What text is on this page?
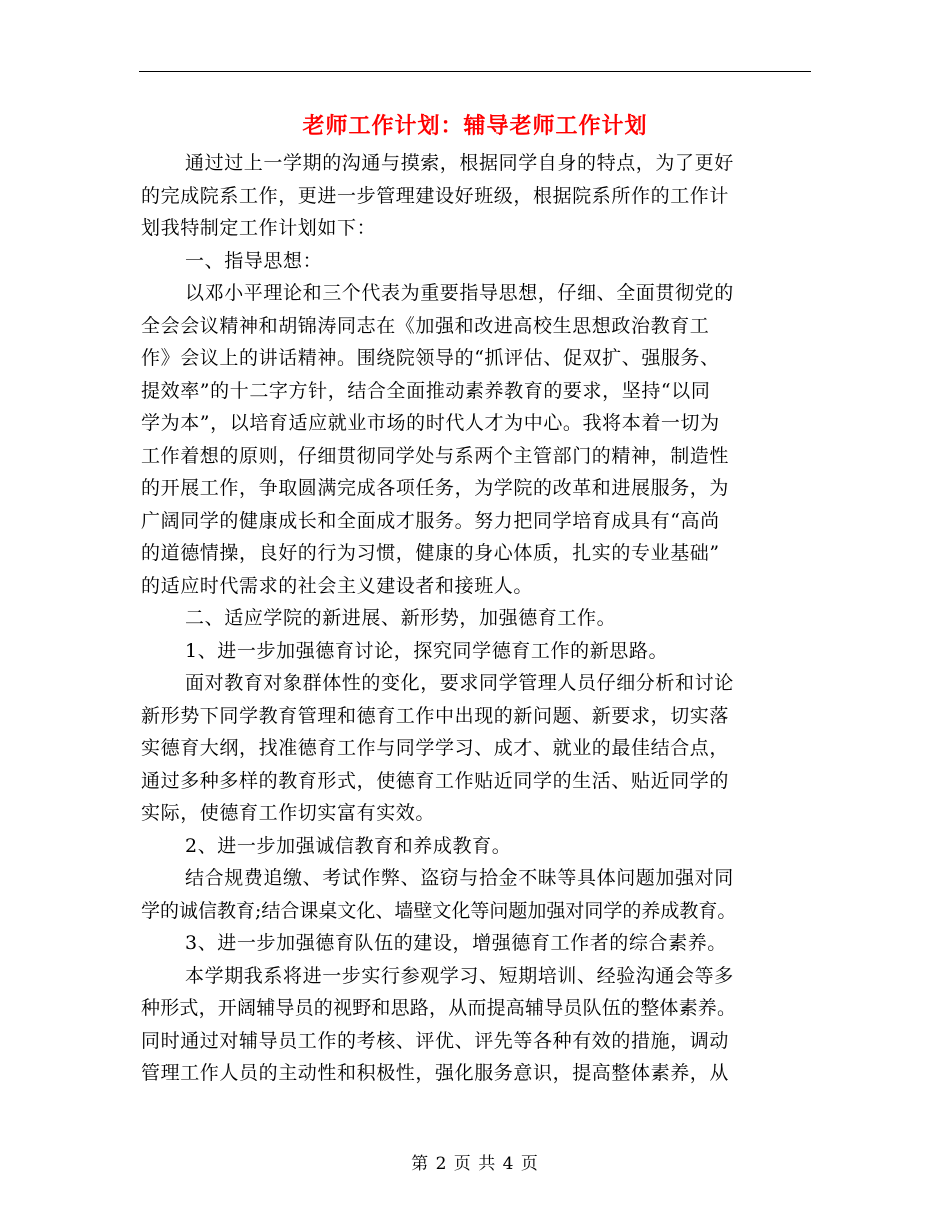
老师工作计划：辅导老师工作计划
通过过上一学期的沟通与摸索，根据同学自身的特点，为了更好
的完成院系工作，更进一步管理建设好班级，根据院系所作的工作计
划我特制定工作计划如下：
一、指导思想：
以邓小平理论和三个代表为重要指导思想，仔细、全面贯彻党的
全会会议精神和胡锦涛同志在《加强和改进高校生思想政治教育工
作》会议上的讲话精神。围绕院领导的“抓评估、促双扩、强服务、
提效率”的十二字方针，结合全面推动素养教育的要求，坚持“以同
学为本”，以培育适应就业市场的时代人才为中心。我将本着一切为
工作着想的原则，仔细贯彻同学处与系两个主管部门的精神，制造性
的开展工作，争取圆满完成各项任务，为学院的改革和进展服务，为
广阔同学的健康成长和全面成才服务。努力把同学培育成具有“高尚
的道德情操，良好的行为习惯，健康的身心体质，扎实的专业基础”
的适应时代需求的社会主义建设者和接班人。
二、适应学院的新进展、新形势，加强德育工作。
1、进一步加强德育讨论，探究同学德育工作的新思路。
面对教育对象群体性的变化，要求同学管理人员仔细分析和讨论
新形势下同学教育管理和德育工作中出现的新问题、新要求，切实落
实德育大纲，找准德育工作与同学学习、成才、就业的最佳结合点，
通过多种多样的教育形式，使德育工作贴近同学的生活、贴近同学的
实际，使德育工作切实富有实效。
2、进一步加强诚信教育和养成教育。
结合规费追缴、考试作弊、盗窃与拾金不昧等具体问题加强对同
学的诚信教育;结合课桌文化、墙壁文化等问题加强对同学的养成教育。
3、进一步加强德育队伍的建设，增强德育工作者的综合素养。
本学期我系将进一步实行参观学习、短期培训、经验沟通会等多
种形式，开阔辅导员的视野和思路，从而提高辅导员队伍的整体素养。
同时通过对辅导员工作的考核、评优、评先等各种有效的措施，调动
管理工作人员的主动性和积极性，强化服务意识，提高整体素养，从
第 2 页 共 4 页
